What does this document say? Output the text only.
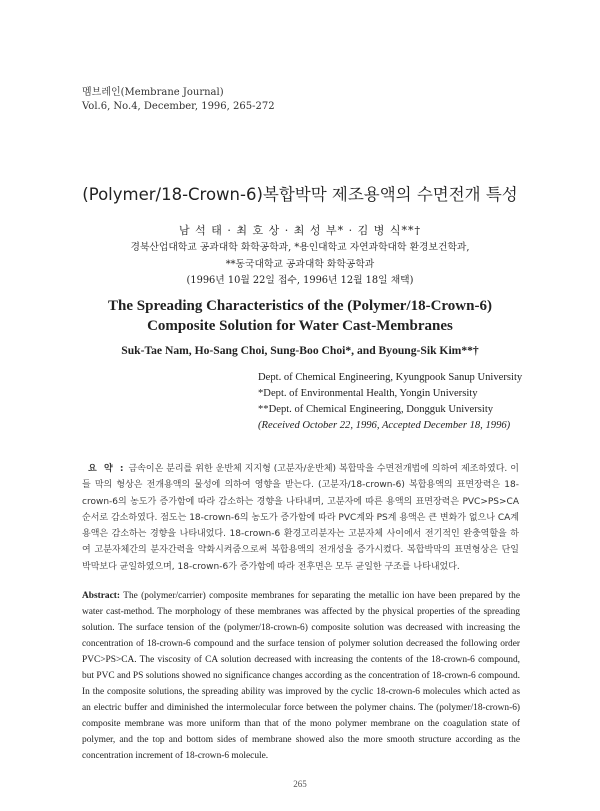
멤브레인(Membrane Journal)
Vol.6, No.4, December, 1996, 265-272
(Polymer/18-Crown-6)복합박막 제조용액의 수면전개 특성
남 석 태 · 최 호 상 · 최 성 부* · 김 병 식**†
경북산업대학교 공과대학 화학공학과, *용인대학교 자연과학대학 환경보건학과,
**동국대학교 공과대학 화학공학과
(1996년 10월 22일 접수, 1996년 12월 18일 채택)
The Spreading Characteristics of the (Polymer/18-Crown-6)
Composite Solution for Water Cast-Membranes
Suk-Tae Nam, Ho-Sang Choi, Sung-Boo Choi*, and Byoung-Sik Kim**†
Dept. of Chemical Engineering, Kyungpook Sanup University
*Dept. of Environmental Health, Yongin University
**Dept. of Chemical Engineering, Dongguk University
(Received October 22, 1996, Accepted December 18, 1996)
요 약 : 금속이온 분리를 위한 운반체 지지형 (고분자/운반체) 복합막을 수면전개법에 의하여 제조하였다. 이들 막의 형상은 전개용액의 물성에 의하여 영향을 받는다. (고분자/18-crown-6) 복합용액의 표면장력은 18-crown-6의 농도가 증가함에 따라 감소하는 경향을 나타내며, 고분자에 따른 용액의 표면장력은 PVC>PS>CA 순서로 감소하였다. 점도는 18-crown-6의 농도가 증가함에 따라 PVC계와 PS계 용액은 큰 변화가 없으나 CA계 용액은 감소하는 경향을 나타내었다. 18-crown-6 환경고리분자는 고분자체 사이에서 전기적인 완충역할을 하여 고분자체간의 분자간력을 약화시켜줌으로써 복합용액의 전개성을 증가시켰다. 복합박막의 표면형상은 단일박막보다 균일하였으며, 18-crown-6가 증가함에 따라 전후면은 모두 균일한 구조를 나타내었다.
Abstract: The (polymer/carrier) composite membranes for separating the metallic ion have been prepared by the water cast-method. The morphology of these membranes was affected by the physical properties of the spreading solution. The surface tension of the (polymer/18-crown-6) composite solution was decreased with increasing the concentration of 18-crown-6 compound and the surface tension of polymer solution decreased the following order PVC>PS>CA. The viscosity of CA solution decreased with increasing the contents of the 18-crown-6 compound, but PVC and PS solutions showed no significance changes according as the concentration of 18-crown-6 compound. In the composite solutions, the spreading ability was improved by the cyclic 18-crown-6 molecules which acted as an electric buffer and diminished the intermolecular force between the polymer chains. The (polymer/18-crown-6) composite membrane was more uniform than that of the mono polymer membrane on the coagulation state of polymer, and the top and bottom sides of membrane showed also the more smooth structure according as the concentration increment of 18-crown-6 molecule.
265
